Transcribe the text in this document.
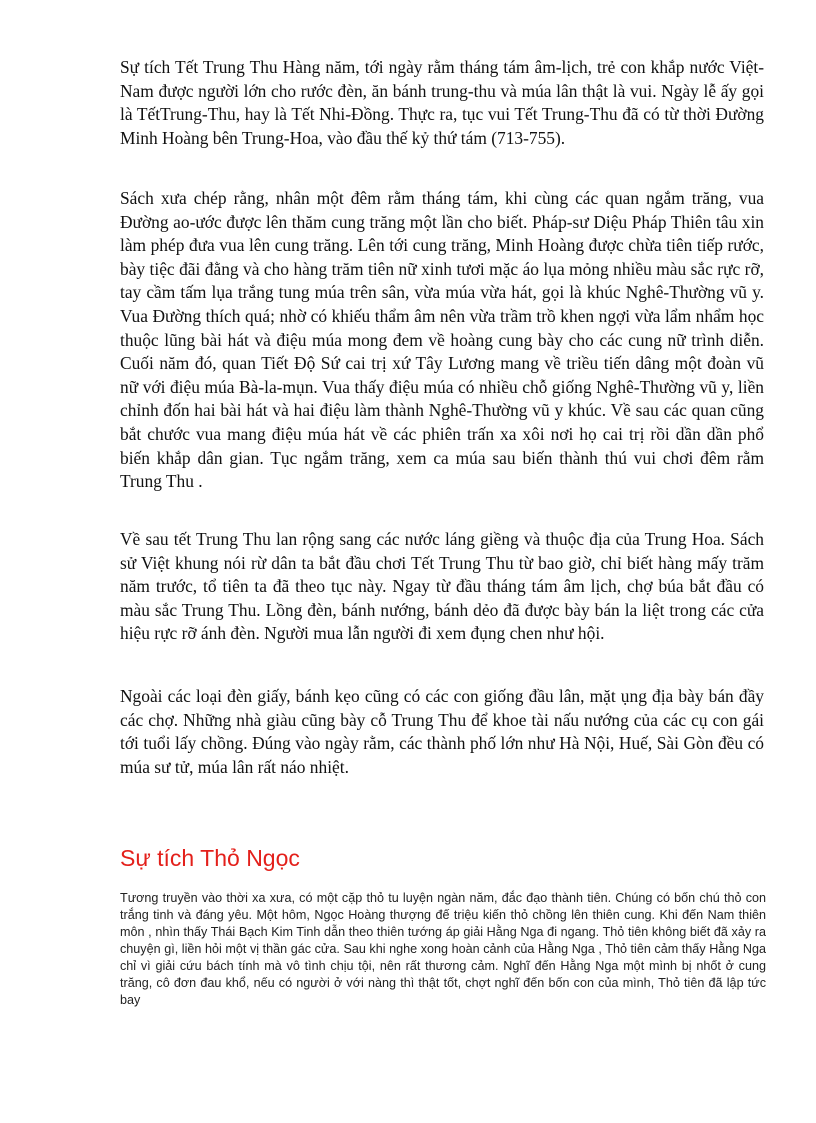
Sự tích Tết Trung Thu Hàng năm, tới ngày rằm tháng tám âm-lịch, trẻ con khắp nước Việt-Nam được người lớn cho rước đèn, ăn bánh trung-thu và múa lân thật là vui. Ngày lễ ấy gọi là TếtTrung-Thu, hay là Tết Nhi-Đồng. Thực ra, tục vui Tết Trung-Thu đã có từ thời Đường Minh Hoàng bên Trung-Hoa, vào đầu thế kỷ thứ tám (713-755).

Sách xưa chép rằng, nhân một đêm rằm tháng tám, khi cùng các quan ngắm trăng, vua Đường ao-ước được lên thăm cung trăng một lần cho biết. Pháp-sư Diệu Pháp Thiên tâu xin làm phép đưa vua lên cung trăng. Lên tới cung trăng, Minh Hoàng được chừa tiên tiếp rước, bày tiệc đãi đằng và cho hàng trăm tiên nữ xinh tươi mặc áo lụa mỏng nhiều màu sắc rực rỡ, tay cầm tấm lụa trắng tung múa trên sân, vừa múa vừa hát, gọi là khúc Nghê-Thường vũ y. Vua Đường thích quá; nhờ có khiếu thẩm âm nên vừa trầm trồ khen ngợi vừa lẩm nhẩm học thuộc lũng bài hát và điệu múa mong đem về hoàng cung bày cho các cung nữ trình diễn. Cuối năm đó, quan Tiết Độ Sứ cai trị xứ Tây Lương mang về triều tiến dâng một đoàn vũ nữ với điệu múa Bà-la-mụn. Vua thấy điệu múa có nhiều chỗ giống Nghê-Thường vũ y, liền chỉnh đốn hai bài hát và hai điệu làm thành Nghê-Thường vũ y khúc. Về sau các quan cũng bắt chước vua mang điệu múa hát về các phiên trấn xa xôi nơi họ cai trị rồi dần dần phổ biến khắp dân gian. Tục ngắm trăng, xem ca múa sau biến thành thú vui chơi đêm rằm Trung Thu .

Về sau tết Trung Thu lan rộng sang các nước láng giềng và thuộc địa của Trung Hoa. Sách sử Việt khung nói rừ dân ta bắt đầu chơi Tết Trung Thu từ bao giờ, chỉ biết hàng mấy trăm năm trước, tổ tiên ta đã theo tục này. Ngay từ đầu tháng tám âm lịch, chợ búa bắt đầu có màu sắc Trung Thu. Lồng đèn, bánh nướng, bánh dẻo đã được bày bán la liệt trong các cửa hiệu rực rỡ ánh đèn. Người mua lẫn người đi xem đụng chen như hội.

Ngoài các loại đèn giấy, bánh kẹo cũng có các con giống đầu lân, mặt ụng địa bày bán đầy các chợ. Những nhà giàu cũng bày cỗ Trung Thu để khoe tài nấu nướng của các cụ con gái tới tuổi lấy chồng. Đúng vào ngày rằm, các thành phố lớn như Hà Nội, Huế, Sài Gòn đều có múa sư tử, múa lân rất náo nhiệt.

Sự tích Thỏ Ngọc

Tương truyền vào thời xa xưa, có một cặp thỏ tu luyện ngàn năm, đắc đạo thành tiên. Chúng có bốn chú thỏ con trắng tinh và đáng yêu. Một hôm, Ngọc Hoàng thượng đế triệu kiến thỏ chồng lên thiên cung. Khi đến Nam thiên môn , nhìn thấy Thái Bạch Kim Tinh dẫn theo thiên tướng áp giải Hằng Nga đi ngang. Thỏ tiên không biết đã xảy ra chuyện gì, liền hỏi một vị thần gác cửa. Sau khi nghe xong hoàn cảnh của Hằng Nga , Thỏ tiên cảm thấy Hằng Nga chỉ vì giải cứu bách tính mà vô tình chịu tội, nên rất thương cảm. Nghĩ đến Hằng Nga một mình bị nhốt ở cung trăng, cô đơn đau khổ, nếu có người ở với nàng thì thật tốt, chợt nghĩ đến bốn con của mình, Thỏ tiên đã lập tức bay
